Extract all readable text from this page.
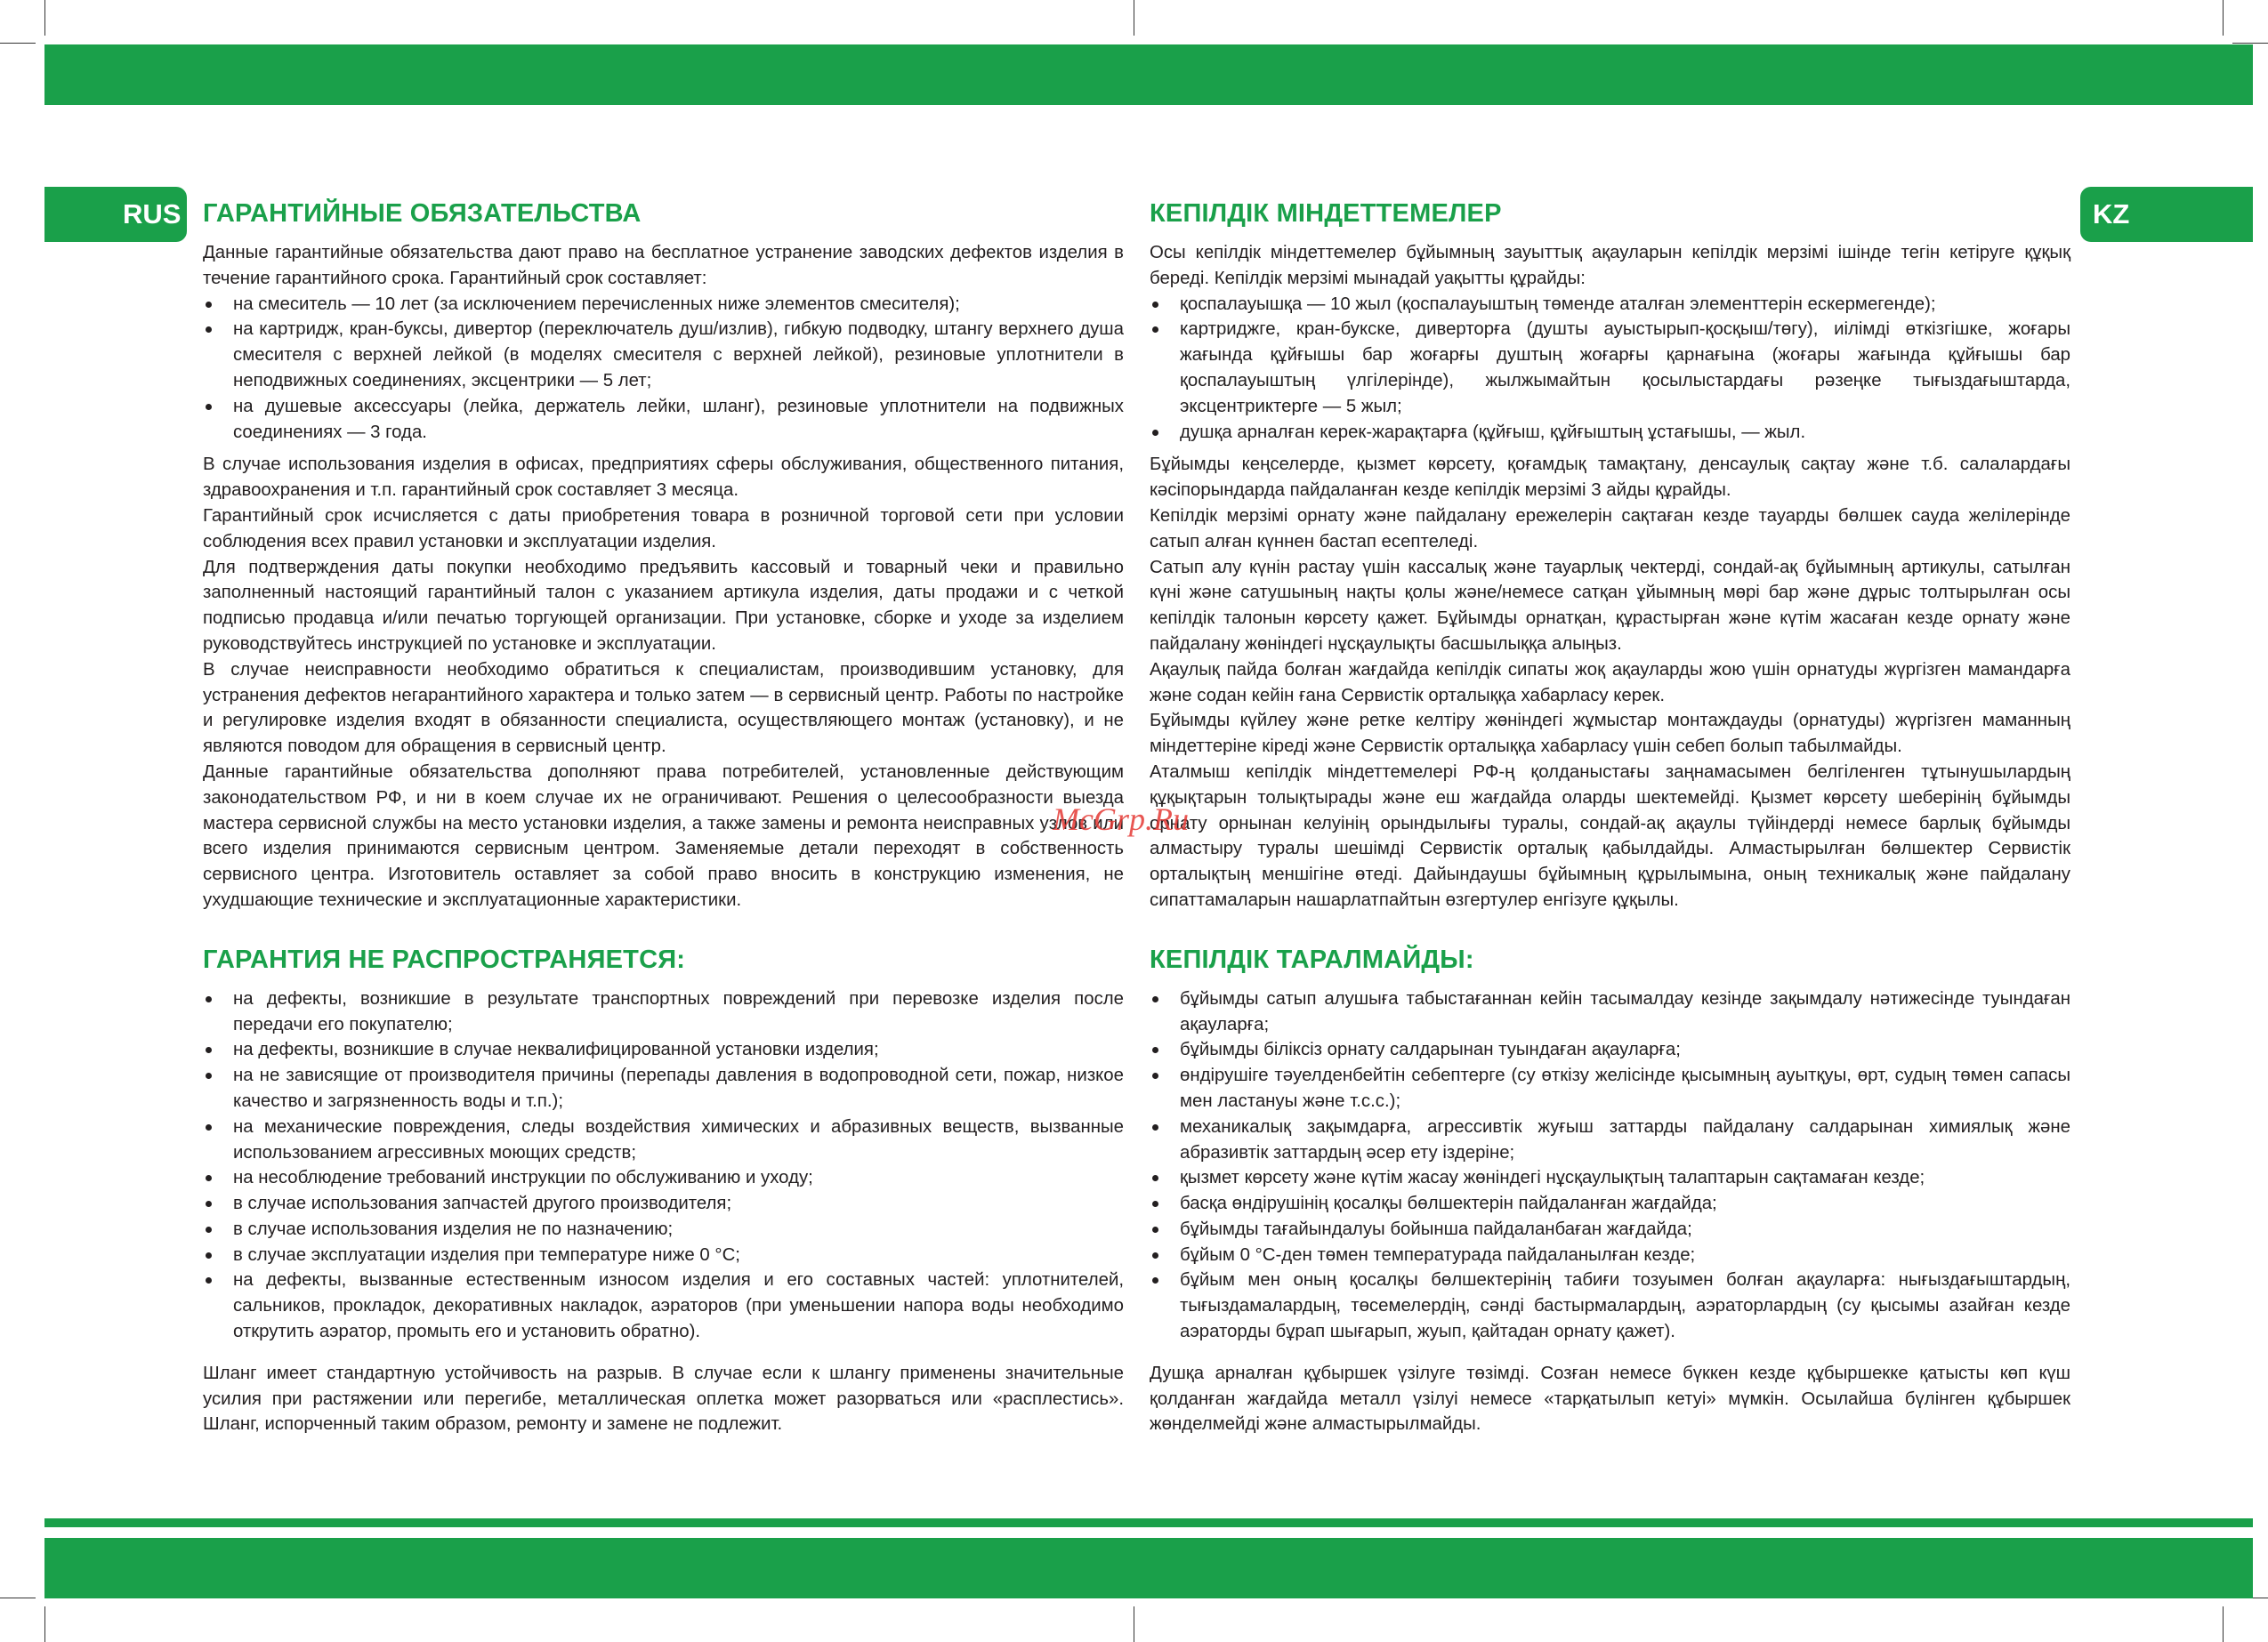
RUS	KZ
ГАРАНТИЙНЫЕ ОБЯЗАТЕЛЬСТВА

Данные гарантийные обязательства дают право на бесплатное устранение заводских дефектов изделия в течение гарантийного срока. Гарантийный срок составляет:

на смеситель — 10 лет (за исключением перечисленных ниже элементов смесителя);
на картридж, кран-буксы, дивертор (переключатель душ/излив), гибкую подводку, штангу верхнего душа смесителя с верхней лейкой (в моделях смесителя с верхней лейкой), резиновые уплотнители в неподвижных соединениях, эксцентрики — 5 лет;
на душевые аксессуары (лейка, держатель лейки, шланг), резиновые уплотнители на подвижных соединениях — 3 года.

В случае использования изделия в офисах, предприятиях сферы обслуживания, общественного питания, здравоохранения и т.п. гарантийный срок составляет 3 месяца.

Гарантийный срок исчисляется с даты приобретения товара в розничной торговой сети при условии соблюдения всех правил установки и эксплуатации изделия.

Для подтверждения даты покупки необходимо предъявить кассовый и товарный чеки и правильно заполненный настоящий гарантийный талон с указанием артикула изделия, даты продажи и с четкой подписью продавца и/или печатью торгующей организации. При установке, сборке и уходе за изделием руководствуйтесь инструкцией по установке и эксплуатации.

В случае неисправности необходимо обратиться к специалистам, производившим установку, для устранения дефектов негарантийного характера и только затем — в сервисный центр. Работы по настройке и регулировке изделия входят в обязанности специалиста, осуществляющего монтаж (установку), и не являются поводом для обращения в сервисный центр.

Данные гарантийные обязательства дополняют права потребителей, установленные действующим законодательством РФ, и ни в коем случае их не ограничивают. Решения о целесообразности выезда мастера сервисной службы на место установки изделия, а также замены и ремонта неисправных узлов или всего изделия принимаются сервисным центром. Заменяемые детали переходят в собственность сервисного центра. Изготовитель оставляет за собой право вносить в конструкцию изменения, не ухудшающие технические и эксплуатационные характеристики.

ГАРАНТИЯ НЕ РАСПРОСТРАНЯЕТСЯ:
на дефекты, возникшие в результате транспортных повреждений при перевозке изделия после передачи его покупателю;
на дефекты, возникшие в случае неквалифицированной установки изделия;
на не зависящие от производителя причины (перепады давления в водопроводной сети, пожар, низкое качество и загрязненность воды и т.п.);
на механические повреждения, следы воздействия химических и абразивных веществ, вызванные использованием агрессивных моющих средств;
на несоблюдение требований инструкции по обслуживанию и уходу;
в случае использования запчастей другого производителя;
в случае использования изделия не по назначению;
в случае эксплуатации изделия при температуре ниже 0 °C;
на дефекты, вызванные естественным износом изделия и его составных частей: уплотнителей, сальников, прокладок, декоративных накладок, аэраторов (при уменьшении напора воды необходимо открутить аэратор, промыть его и установить обратно).

Шланг имеет стандартную устойчивость на разрыв. В случае если к шлангу применены значительные усилия при растяжении или перегибе, металлическая оплетка может разорваться или «расплестись». Шланг, испорченный таким образом, ремонту и замене не подлежит.

КЕПІЛДІК МІНДЕТТЕМЕЛЕР

Осы кепілдік міндеттемелер бұйымның зауыттық ақауларын кепілдік мерзімі ішінде тегін кетіруге құқық береді. Кепілдік мерзімі мынадай уақытты құрайды:

қоспалауышқа — 10 жыл (қоспалауыштың төменде аталған элементтерін ескермегенде);
картриджге, кран-букске, диверторға (душты ауыстырып-қосқыш/төгу), иілімді өткізгішке, жоғары жағында құйғышы бар жоғарғы душтың жоғарғы қарнағына (жоғары жағында құйғышы бар қоспалауыштың үлгілерінде), жылжымайтын қосылыстардағы рәзеңке тығыздағыштарда, эксцентриктерге — 5 жыл;
душқа арналған керек-жарақтарға (құйғыш, құйғыштың ұстағышы, — жыл.

Бұйымды кеңселерде, қызмет көрсету, қоғамдық тамақтану, денсаулық сақтау және т.б. салалардағы кәсіпорындарда пайдаланған кезде кепілдік мерзімі 3 айды құрайды.

Кепілдік мерзімі орнату және пайдалану ережелерін сақтаған кезде тауарды бөлшек сауда желілерінде сатып алған күннен бастап есептеледі.

Сатып алу күнін растау үшін кассалық және тауарлық чектерді, сондай-ақ бұйымның артикулы, сатылған күні және сатушының нақты қолы және/немесе сатқан ұйымның мөрі бар және дұрыс толтырылған осы кепілдік талонын көрсету қажет. Бұйымды орнатқан, құрастырған және күтім жасаған кезде орнату және пайдалану жөніндегі нұсқаулықты басшылыққа алыңыз.

Ақаулық пайда болған жағдайда кепілдік сипаты жоқ ақауларды жою үшін орнатуды жүргізген мамандарға және содан кейін ғана Сервистік орталыққа хабарласу керек.

Бұйымды күйлеу және ретке келтіру жөніндегі жұмыстар монтаждауды (орнатуды) жүргізген маманның міндеттеріне кіреді және Сервистік орталыққа хабарласу үшін себеп болып табылмайды.

Аталмыш кепілдік міндеттемелері РФ-ң қолданыстағы заңнамасымен белгіленген тұтынушылардың құқықтарын толықтырады және еш жағдайда оларды шектемейді. Қызмет көрсету шеберінің бұйымды орнату орнынан келуінің орындылығы туралы, сондай-ақ ақаулы түйіндерді немесе барлық бұйымды алмастыру туралы шешімді Сервистік орталық қабылдайды. Алмастырылған бөлшектер Сервистік орталықтың меншігіне өтеді. Дайындаушы бұйымның құрылымына, оның техникалық және пайдалану сипаттамаларын нашарлатпайтын өзгертулер енгізуге құқылы.

КЕПІЛДІК ТАРАЛМАЙДЫ:
бұйымды сатып алушыға табыстағаннан кейін тасымалдау кезінде зақымдалу нәтижесінде туындаған ақауларға;
бұйымды біліксіз орнату салдарынан туындаған ақауларға;
өндірушіге тәуелденбейтін себептерге (су өткізу желісінде қысымның ауытқуы, өрт, судың төмен сапасы мен ластануы және т.с.с.);
механикалық зақымдарға, агрессивтік жуғыш заттарды пайдалану салдарынан химиялық және абразивтік заттардың әсер ету іздеріне;
қызмет көрсету және күтім жасау жөніндегі нұсқаулықтың талаптарын сақтамаған кезде;
басқа өндірушінің қосалқы бөлшектерін пайдаланған жағдайда;
бұйымды тағайындалуы бойынша пайдаланбаған жағдайда;
бұйым 0 °C-ден төмен температурада пайдаланылған кезде;
бұйым мен оның қосалқы бөлшектерінің табиғи тозуымен болған ақауларға: нығыздағыштардың, тығыздамалардың, төсемелердің, сәнді бастырмалардың, аэраторлардың (су қысымы азайған кезде аэраторды бұрап шығарып, жуып, қайтадан орнату қажет).

Душқа арналған құбыршек үзілуге төзімді. Созған немесе бүккен кезде құбыршекке қатысты көп күш қолданған жағдайда металл үзілуі немесе «тарқатылып кетуі» мүмкін. Осылайша бүлінген құбыршек жөнделмейді және алмастырылмайды.

McGrp.Ru
